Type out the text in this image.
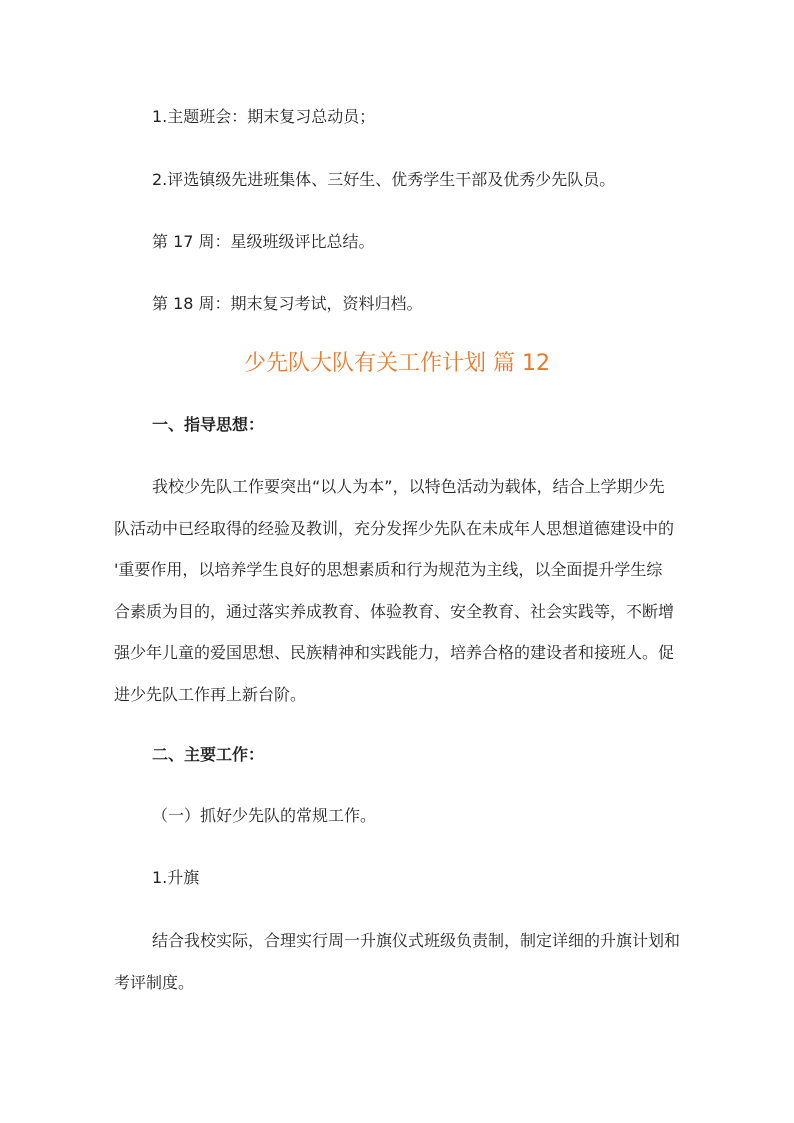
1.主题班会：期末复习总动员；
2.评选镇级先进班集体、三好生、优秀学生干部及优秀少先队员。
第 17 周：星级班级评比总结。
第 18 周：期末复习考试，资料归档。
少先队大队有关工作计划 篇 12
一、指导思想：
我校少先队工作要突出“以人为本”，以特色活动为载体，结合上学期少先
队活动中已经取得的经验及教训，充分发挥少先队在未成年人思想道德建设中的
'重要作用，以培养学生良好的思想素质和行为规范为主线，以全面提升学生综
合素质为目的，通过落实养成教育、体验教育、安全教育、社会实践等，不断增
强少年儿童的爱国思想、民族精神和实践能力，培养合格的建设者和接班人。促
进少先队工作再上新台阶。
二、主要工作：
（一）抓好少先队的常规工作。
1.升旗
结合我校实际，合理实行周一升旗仪式班级负责制，制定详细的升旗计划和
考评制度。
